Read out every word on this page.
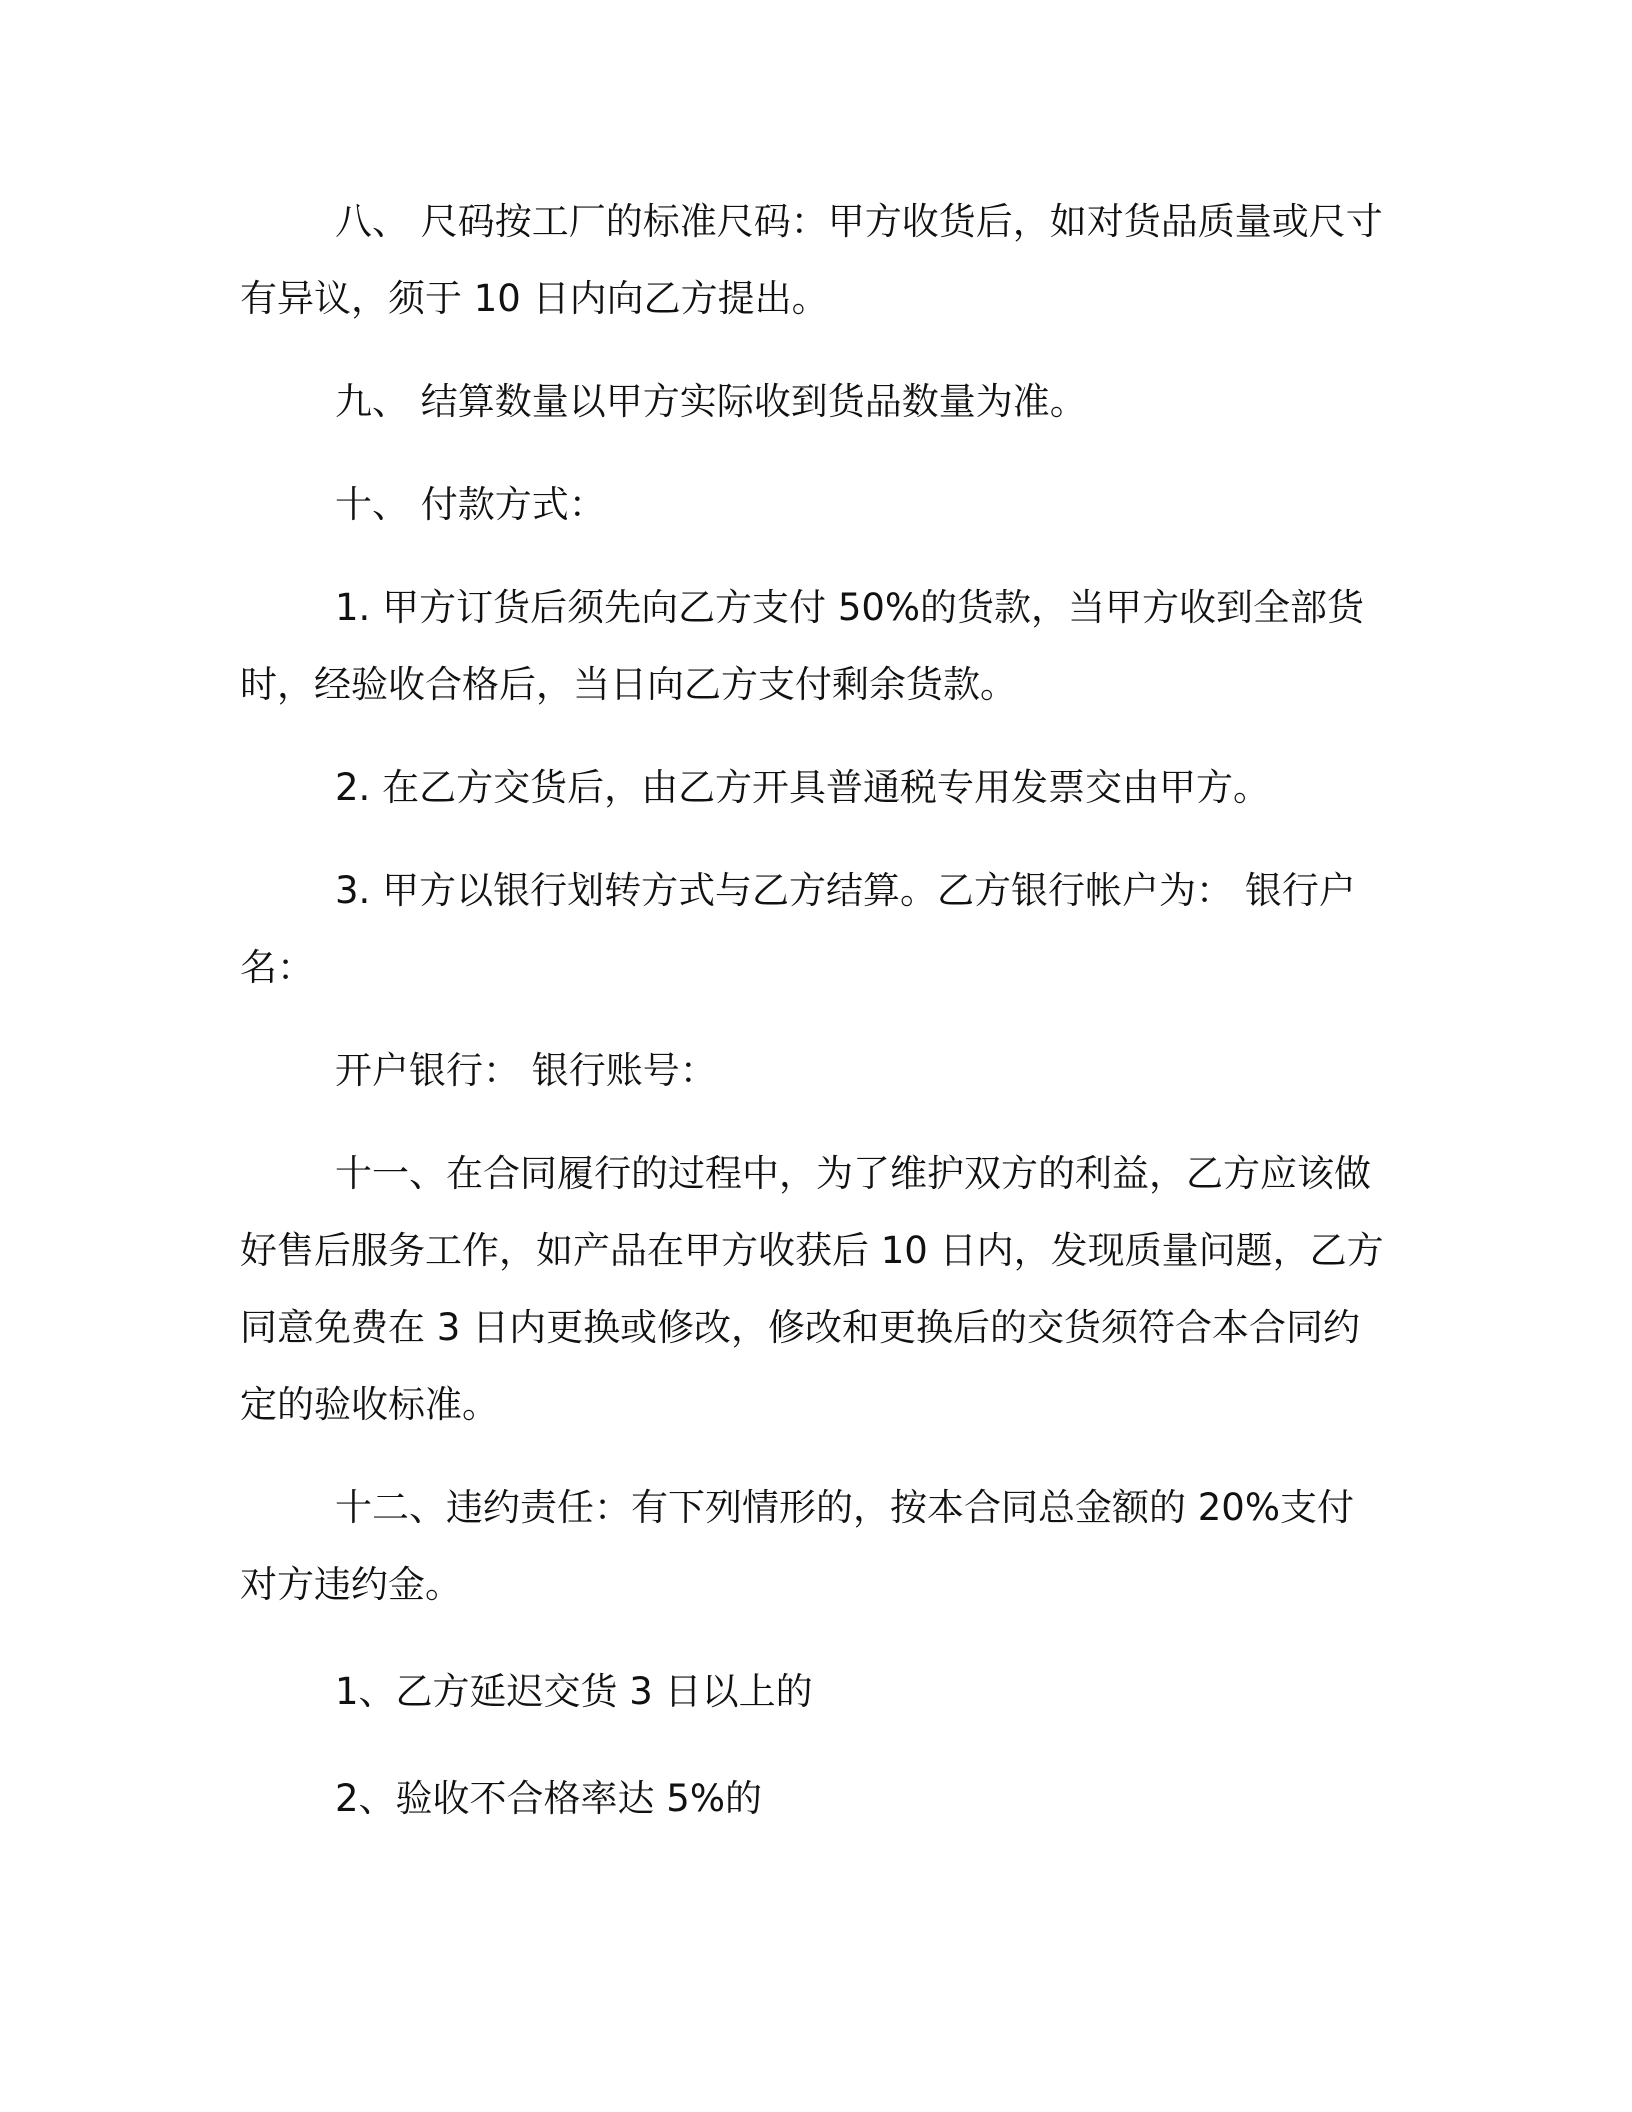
八、 尺码按工厂的标准尺码：甲方收货后，如对货品质量或尺寸有异议，须于 10 日内向乙方提出。

九、 结算数量以甲方实际收到货品数量为准。

十、 付款方式：

1. 甲方订货后须先向乙方支付 50%的货款，当甲方收到全部货时，经验收合格后，当日向乙方支付剩余货款。

2. 在乙方交货后，由乙方开具普通税专用发票交由甲方。

3. 甲方以银行划转方式与乙方结算。乙方银行帐户为： 银行户名：

开户银行： 银行账号：

十一、在合同履行的过程中，为了维护双方的利益，乙方应该做好售后服务工作，如产品在甲方收获后 10 日内，发现质量问题，乙方同意免费在 3 日内更换或修改，修改和更换后的交货须符合本合同约定的验收标准。

十二、违约责任：有下列情形的，按本合同总金额的 20%支付对方违约金。

1、乙方延迟交货 3 日以上的

2、验收不合格率达 5%的
